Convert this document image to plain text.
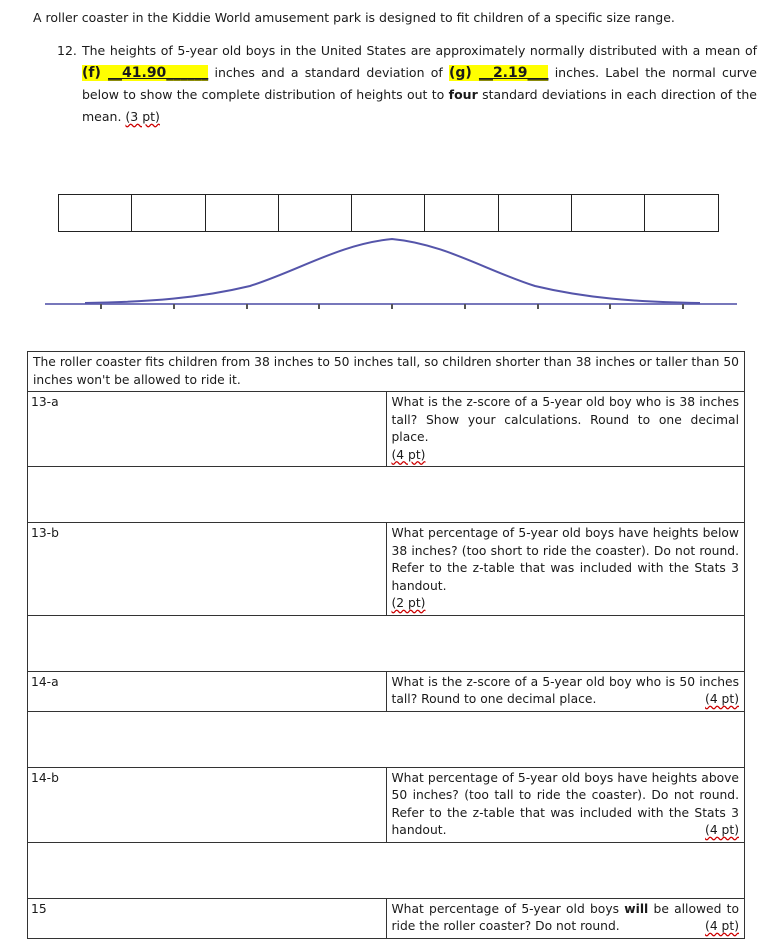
A roller coaster in the Kiddie World amusement park is designed to fit children of a specific size range.
12. The heights of 5-year old boys in the United States are approximately normally distributed with a mean of (f) __41.90______ inches and a standard deviation of (g) __2.19___ inches. Label the normal curve below to show the complete distribution of heights out to four standard deviations in each direction of the mean. (3 pt)
The roller coaster fits children from 38 inches to 50 inches tall, so children shorter than 38 inches or taller than 50 inches won't be allowed to ride it.	
13-a	What is the z-score of a 5-year old boy who is 38 inches tall? Show your calculations. Round to one decimal place.
(4 pt)

13-b	What percentage of 5-year old boys have heights below 38 inches? (too short to ride the coaster). Do not round. Refer to the z-table that was included with the Stats 3 handout.
(2 pt)

14-a	What is the z-score of a 5-year old boy who is 50 inches tall? Round to one decimal place. (4 pt)

14-b	What percentage of 5-year old boys have heights above 50 inches? (too tall to ride the coaster). Do not round. Refer to the z-table that was included with the Stats 3 handout. (4 pt)

15	What percentage of 5-year old boys will be allowed to ride the roller coaster? Do not round. (4 pt)
